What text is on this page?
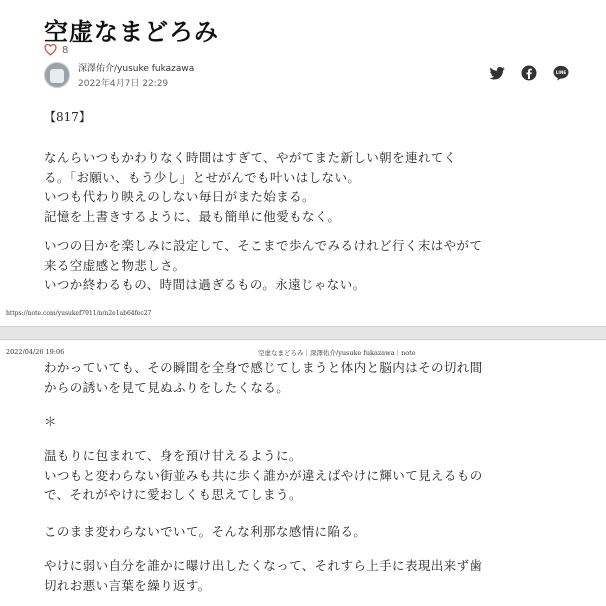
空虚なまどろみ
8
深澤佑介/yusuke fukazawa
2022年4月7日 22:29
LINE
【817】
なんらいつもかわりなく時間はすぎて、やがてまた新しい朝を連れてく
る。「お願い、もう少し」とせがんでも叶いはしない。
いつも代わり映えのしない毎日がまた始まる。
記憶を上書きするように、最も簡単に他愛もなく。
いつの日かを楽しみに設定して、そこまで歩んでみるけれど行く末はやがて
来る空虚感と物悲しさ。
いつか終わるもの、時間は過ぎるもの。永遠じゃない。
https://note.com/yusukef7911/n/n2e1ab64fec27
2022/04/26 19:06	空虚なまどろみ｜深澤佑介/yusuke fukazawa｜note
わかっていても、その瞬間を全身で感じてしまうと体内と脳内はその切れ間
からの誘いを見て見ぬふりをしたくなる。
＊
温もりに包まれて、身を預け甘えるように。
いつもと変わらない街並みも共に歩く誰かが違えばやけに輝いて見えるもの
で、それがやけに愛おしくも思えてしまう。
このまま変わらないでいて。そんな利那な感情に陥る。
やけに弱い自分を誰かに曝け出したくなって、それすら上手に表現出来ず歯
切れお悪い言葉を繰り返す。
